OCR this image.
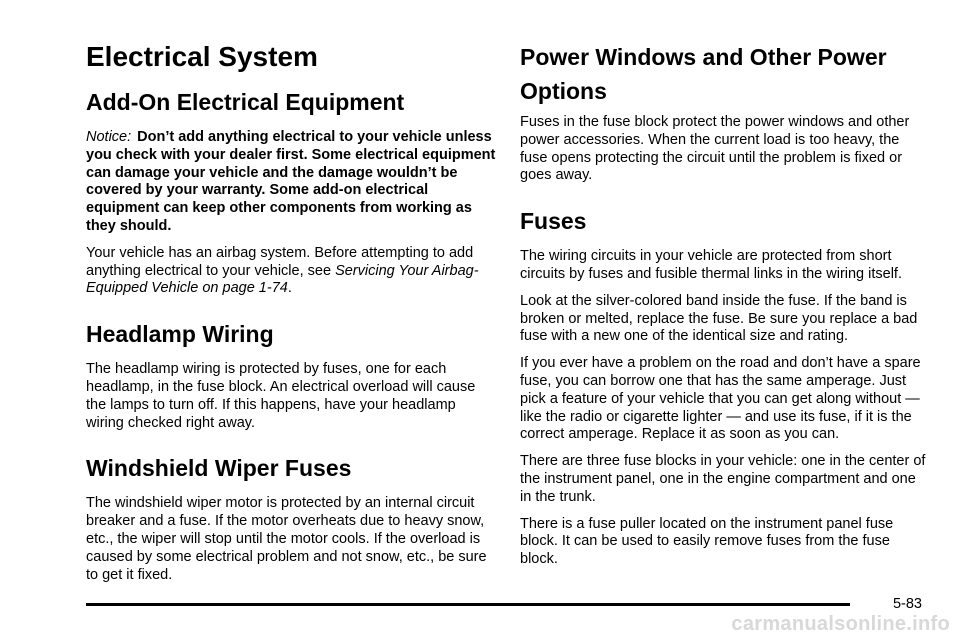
Electrical System
Add-On Electrical Equipment

Notice: Don’t add anything electrical to your vehicle unless you check with your dealer first. Some electrical equipment can damage your vehicle and the damage wouldn’t be covered by your warranty. Some add-on electrical equipment can keep other components from working as they should.

Your vehicle has an airbag system. Before attempting to add anything electrical to your vehicle, see Servicing Your Airbag-Equipped Vehicle on page 1-74.

Headlamp Wiring

The headlamp wiring is protected by fuses, one for each headlamp, in the fuse block. An electrical overload will cause the lamps to turn off. If this happens, have your headlamp wiring checked right away.

Windshield Wiper Fuses

The windshield wiper motor is protected by an internal circuit breaker and a fuse. If the motor overheats due to heavy snow, etc., the wiper will stop until the motor cools. If the overload is caused by some electrical problem and not snow, etc., be sure to get it fixed.

Power Windows and Other Power Options

Fuses in the fuse block protect the power windows and other power accessories. When the current load is too heavy, the fuse opens protecting the circuit until the problem is fixed or goes away.

Fuses

The wiring circuits in your vehicle are protected from short circuits by fuses and fusible thermal links in the wiring itself.

Look at the silver-colored band inside the fuse. If the band is broken or melted, replace the fuse. Be sure you replace a bad fuse with a new one of the identical size and rating.

If you ever have a problem on the road and don’t have a spare fuse, you can borrow one that has the same amperage. Just pick a feature of your vehicle that you can get along without — like the radio or cigarette lighter — and use its fuse, if it is the correct amperage. Replace it as soon as you can.

There are three fuse blocks in your vehicle: one in the center of the instrument panel, one in the engine compartment and one in the trunk.

There is a fuse puller located on the instrument panel fuse block. It can be used to easily remove fuses from the fuse block.

5-83
carmanualsonline.info
